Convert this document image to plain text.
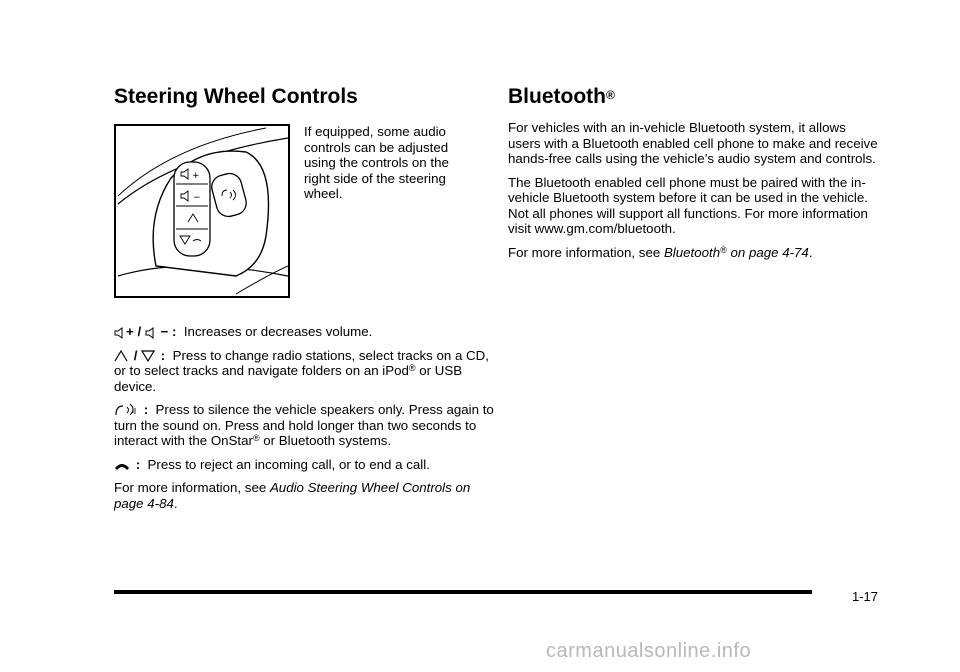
Steering Wheel Controls
+
−
If equipped, some audio controls can be adjusted using the controls on the right side of the steering wheel.

+ /  − : Increases or decreases volume.

/  : Press to change radio stations, select tracks on a CD, or to select tracks and navigate folders on an iPod® or USB device.

: Press to silence the vehicle speakers only. Press again to turn the sound on. Press and hold longer than two seconds to interact with the OnStar® or Bluetooth systems.

: Press to reject an incoming call, or to end a call.

For more information, see Audio Steering Wheel Controls on page 4-84.

Bluetooth®

For vehicles with an in-vehicle Bluetooth system, it allows users with a Bluetooth enabled cell phone to make and receive hands-free calls using the vehicle’s audio system and controls.

The Bluetooth enabled cell phone must be paired with the in-vehicle Bluetooth system before it can be used in the vehicle. Not all phones will support all functions. For more information visit www.gm.com/bluetooth.

For more information, see Bluetooth® on page 4-74.

1-17
carmanualsonline.info
